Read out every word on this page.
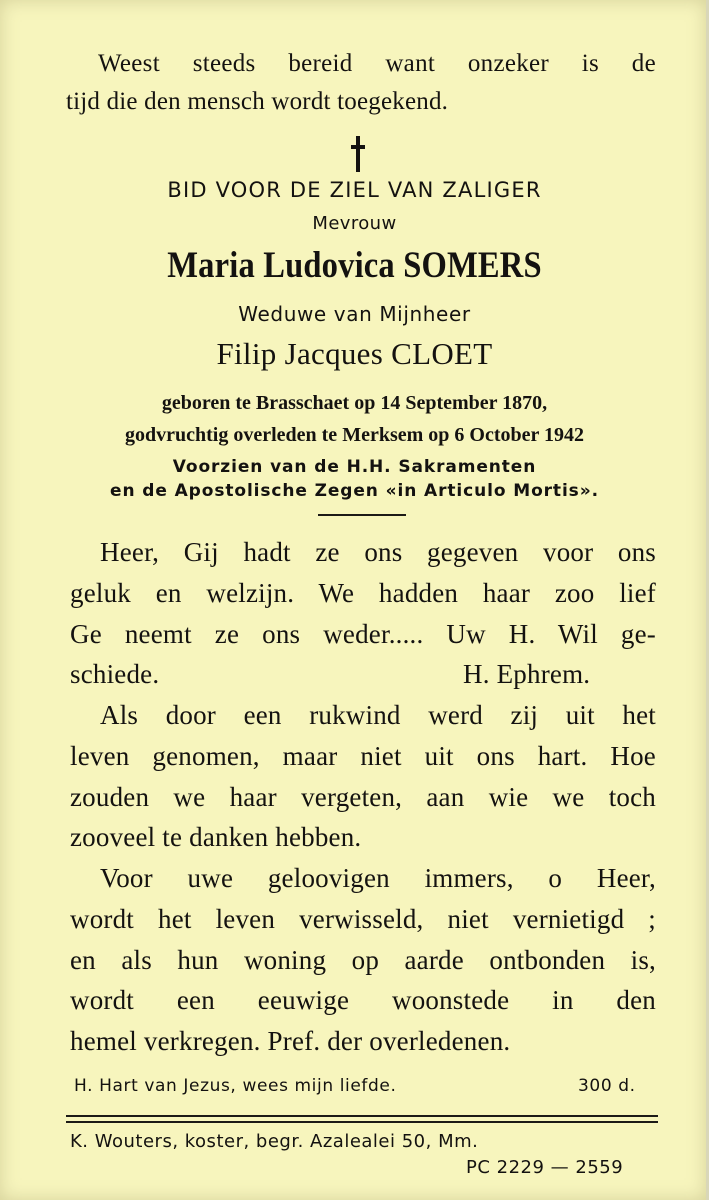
Weest steeds bereid want onzeker is de

tijd die den mensch wordt toegekend.

BID VOOR DE ZIEL VAN ZALIGER

Mevrouw

Maria Ludovica SOMERS

Weduwe van Mijnheer

Filip Jacques CLOET

geboren te Brasschaet op 14 September 1870,

godvruchtig overleden te Merksem op 6 October 1942

Voorzien van de H.H. Sakramenten

en de Apostolische Zegen «in Articulo Mortis».

Heer, Gij hadt ze ons gegeven voor ons

geluk en welzijn. We hadden haar zoo lief

Ge neemt ze ons weder..... Uw H. Wil ge-

schiede.	H. Ephrem.

Als door een rukwind werd zij uit het

leven genomen, maar niet uit ons hart. Hoe

zouden we haar vergeten, aan wie we toch

zooveel te danken hebben.

Voor uwe geloovigen immers, o Heer,

wordt het leven verwisseld, niet vernietigd ;

en als hun woning op aarde ontbonden is,

wordt een eeuwige woonstede in den

hemel verkregen. Pref. der overledenen.

H. Hart van Jezus, wees mijn liefde.	300 d.

K. Wouters, koster, begr. Azalealei 50, Mm.

PC 2229 — 2559
